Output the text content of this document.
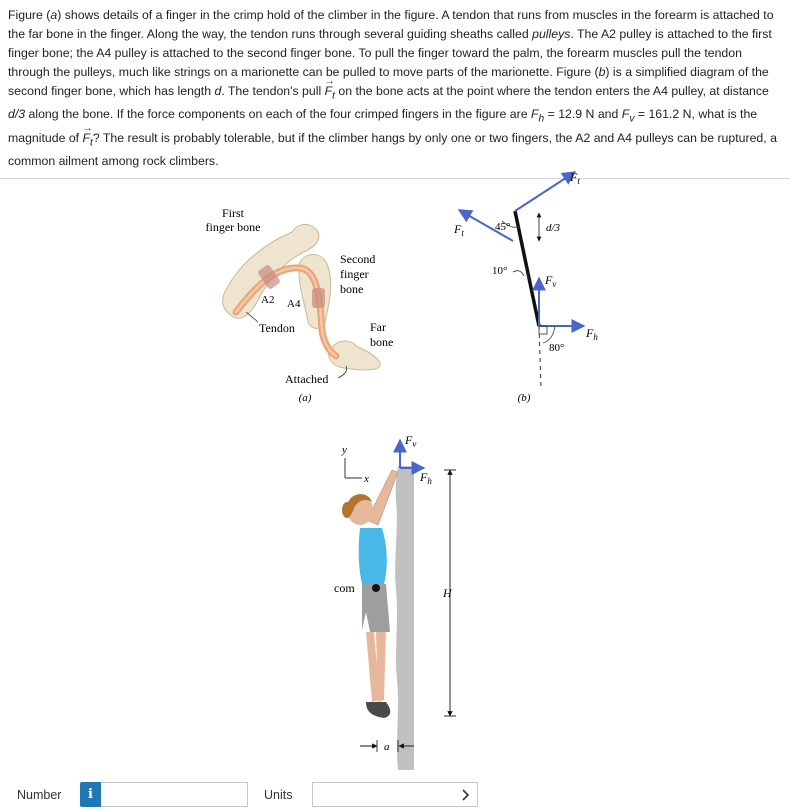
Figure (a) shows details of a finger in the crimp hold of the climber in the figure. A tendon that runs from muscles in the forearm is attached to the far bone in the finger. Along the way, the tendon runs through several guiding sheaths called pulleys. The A2 pulley is attached to the first finger bone; the A4 pulley is attached to the second finger bone. To pull the finger toward the palm, the forearm muscles pull the tendon through the pulleys, much like strings on a marionette can be pulled to move parts of the marionette. Figure (b) is a simplified diagram of the second finger bone, which has length d. The tendon's pull → $F_t$ on the bone acts at the point where the tendon enters the A4 pulley, at distance d/3 along the bone. If the force components on each of the four crimped fingers in the figure are $F_h = 12.9$ N and $F_v = 161.2$ N, what is the magnitude of → $F_t$? The result is probably tolerable, but if the climber hangs by only one or two fingers, the A2 and A4 pulleys can be ruptured, a common ailment among rock climbers.

First
finger bone
Second
finger
bone
A2 A4
Tendon	Far
bone
Attached
(a)
$F_t$
$F_t$	45°	d/3
10°
$F_v$
$F_h$
80°
(b)
y
x
$F_v$
$F_h$
com	H
a
Number	i	Units
